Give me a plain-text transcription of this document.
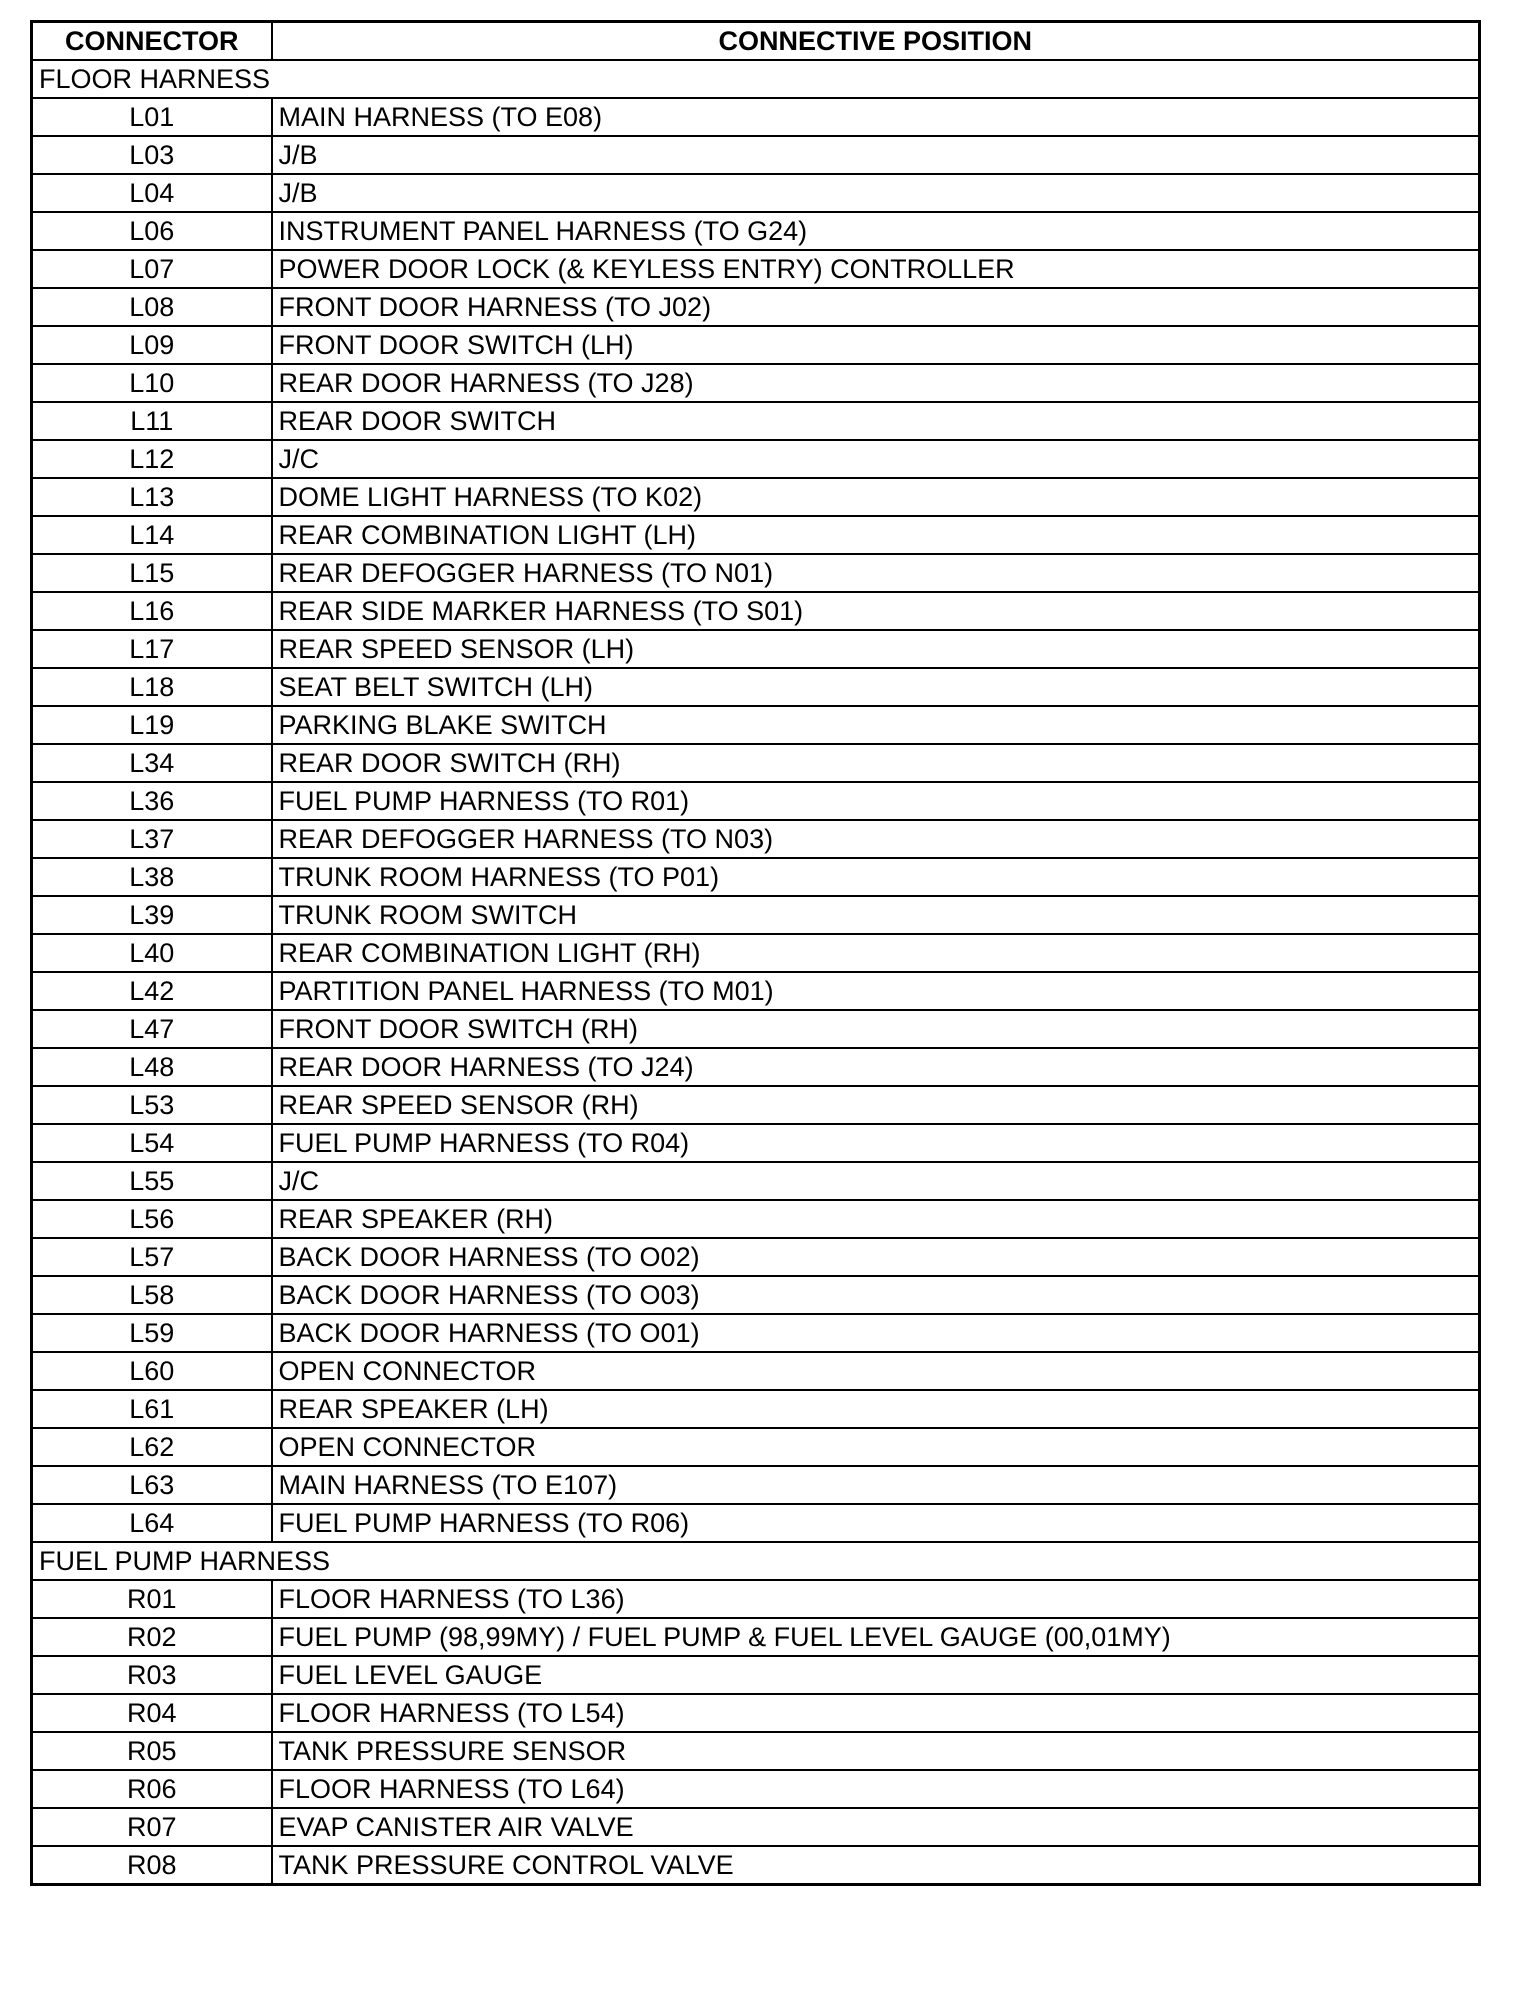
CONNECTOR	CONNECTIVE POSITION
FLOOR HARNESS	
L01	MAIN HARNESS (TO E08)
L03	J/B
L04	J/B
L06	INSTRUMENT PANEL HARNESS (TO G24)
L07	POWER DOOR LOCK (& KEYLESS ENTRY) CONTROLLER
L08	FRONT DOOR HARNESS (TO J02)
L09	FRONT DOOR SWITCH (LH)
L10	REAR DOOR HARNESS (TO J28)
L11	REAR DOOR SWITCH
L12	J/C
L13	DOME LIGHT HARNESS (TO K02)
L14	REAR COMBINATION LIGHT (LH)
L15	REAR DEFOGGER HARNESS (TO N01)
L16	REAR SIDE MARKER HARNESS (TO S01)
L17	REAR SPEED SENSOR (LH)
L18	SEAT BELT SWITCH (LH)
L19	PARKING BLAKE SWITCH
L34	REAR DOOR SWITCH (RH)
L36	FUEL PUMP HARNESS (TO R01)
L37	REAR DEFOGGER HARNESS (TO N03)
L38	TRUNK ROOM HARNESS (TO P01)
L39	TRUNK ROOM SWITCH
L40	REAR COMBINATION LIGHT (RH)
L42	PARTITION PANEL HARNESS (TO M01)
L47	FRONT DOOR SWITCH (RH)
L48	REAR DOOR HARNESS (TO J24)
L53	REAR SPEED SENSOR (RH)
L54	FUEL PUMP HARNESS (TO R04)
L55	J/C
L56	REAR SPEAKER (RH)
L57	BACK DOOR HARNESS (TO O02)
L58	BACK DOOR HARNESS (TO O03)
L59	BACK DOOR HARNESS (TO O01)
L60	OPEN CONNECTOR
L61	REAR SPEAKER (LH)
L62	OPEN CONNECTOR
L63	MAIN HARNESS (TO E107)
L64	FUEL PUMP HARNESS (TO R06)
FUEL PUMP HARNESS	
R01	FLOOR HARNESS (TO L36)
R02	FUEL PUMP (98,99MY) / FUEL PUMP & FUEL LEVEL GAUGE (00,01MY)
R03	FUEL LEVEL GAUGE
R04	FLOOR HARNESS (TO L54)
R05	TANK PRESSURE SENSOR
R06	FLOOR HARNESS (TO L64)
R07	EVAP CANISTER AIR VALVE
R08	TANK PRESSURE CONTROL VALVE
